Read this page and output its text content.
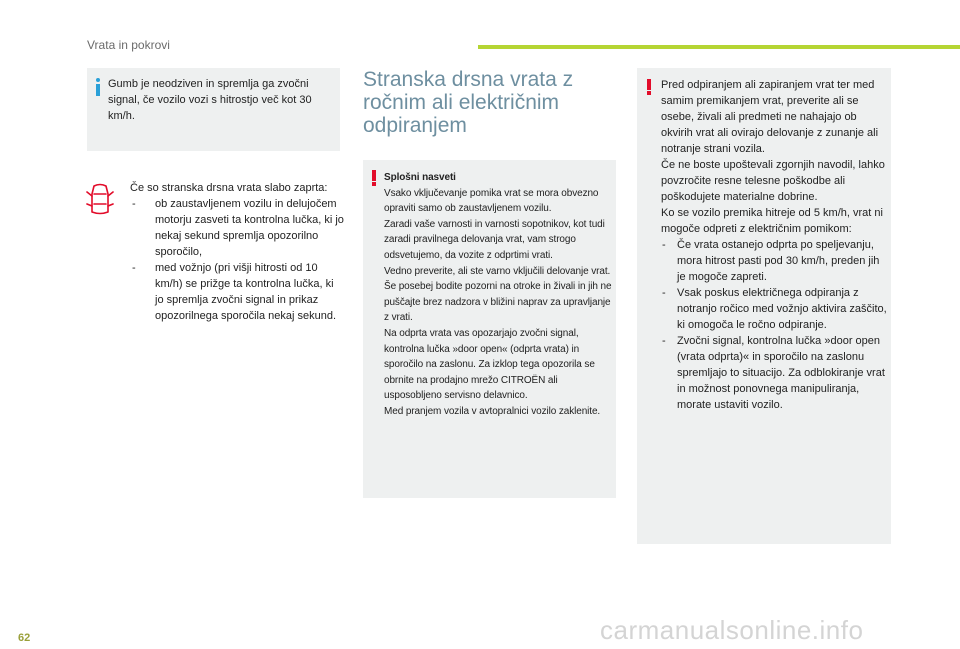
Vrata in pokrovi
Gumb je neodziven in spremlja ga zvočni signal, če vozilo vozi s hitrostjo več kot 30 km/h.

Če so stranska drsna vrata slabo zaprta:

- ob zaustavljenem vozilu in delujočem motorju zasveti ta kontrolna lučka, ki jo nekaj sekund spremlja opozorilno sporočilo,
- med vožnjo (pri višji hitrosti od 10 km/h) se prižge ta kontrolna lučka, ki jo spremlja zvočni signal in prikaz opozorilnega sporočila nekaj sekund.
Stranska drsna vrata z ročnim ali električnim odpiranjem

Splošni nasveti

Vsako vključevanje pomika vrat se mora obvezno opraviti samo ob zaustavljenem vozilu.
Zaradi vaše varnosti in varnosti sopotnikov, kot tudi zaradi pravilnega delovanja vrat, vam strogo odsvetujemo, da vozite z odprtimi vrati.
Vedno preverite, ali ste varno vključili delovanje vrat. Še posebej bodite pozorni na otroke in živali in jih ne puščajte brez nadzora v bližini naprav za upravljanje z vrati.
Na odprta vrata vas opozarjajo zvočni signal, kontrolna lučka »door open« (odprta vrata) in sporočilo na zaslonu. Za izklop tega opozorila se obrnite na prodajno mrežo CITROËN ali usposobljeno servisno delavnico.
Med pranjem vozila v avtopralnici vozilo zaklenite.

Pred odpiranjem ali zapiranjem vrat ter med samim premikanjem vrat, preverite ali se osebe, živali ali predmeti ne nahajajo ob okvirih vrat ali ovirajo delovanje z zunanje ali notranje strani vozila.
Če ne boste upoštevali zgornjih navodil, lahko povzročite resne telesne poškodbe ali poškodujete materialne dobrine.
Ko se vozilo premika hitreje od 5 km/h, vrat ni mogoče odpreti z električnim pomikom:

- Če vrata ostanejo odprta po speljevanju, mora hitrost pasti pod 30 km/h, preden jih je mogoče zapreti.
- Vsak poskus električnega odpiranja z notranjo ročico med vožnjo aktivira zaščito, ki omogoča le ročno odpiranje.
- Zvočni signal, kontrolna lučka »door open (vrata odprta)« in sporočilo na zaslonu spremljajo to situacijo. Za odblokiranje vrat in možnost ponovnega manipuliranja, morate ustaviti vozilo.
62	carmanualsonline.info
